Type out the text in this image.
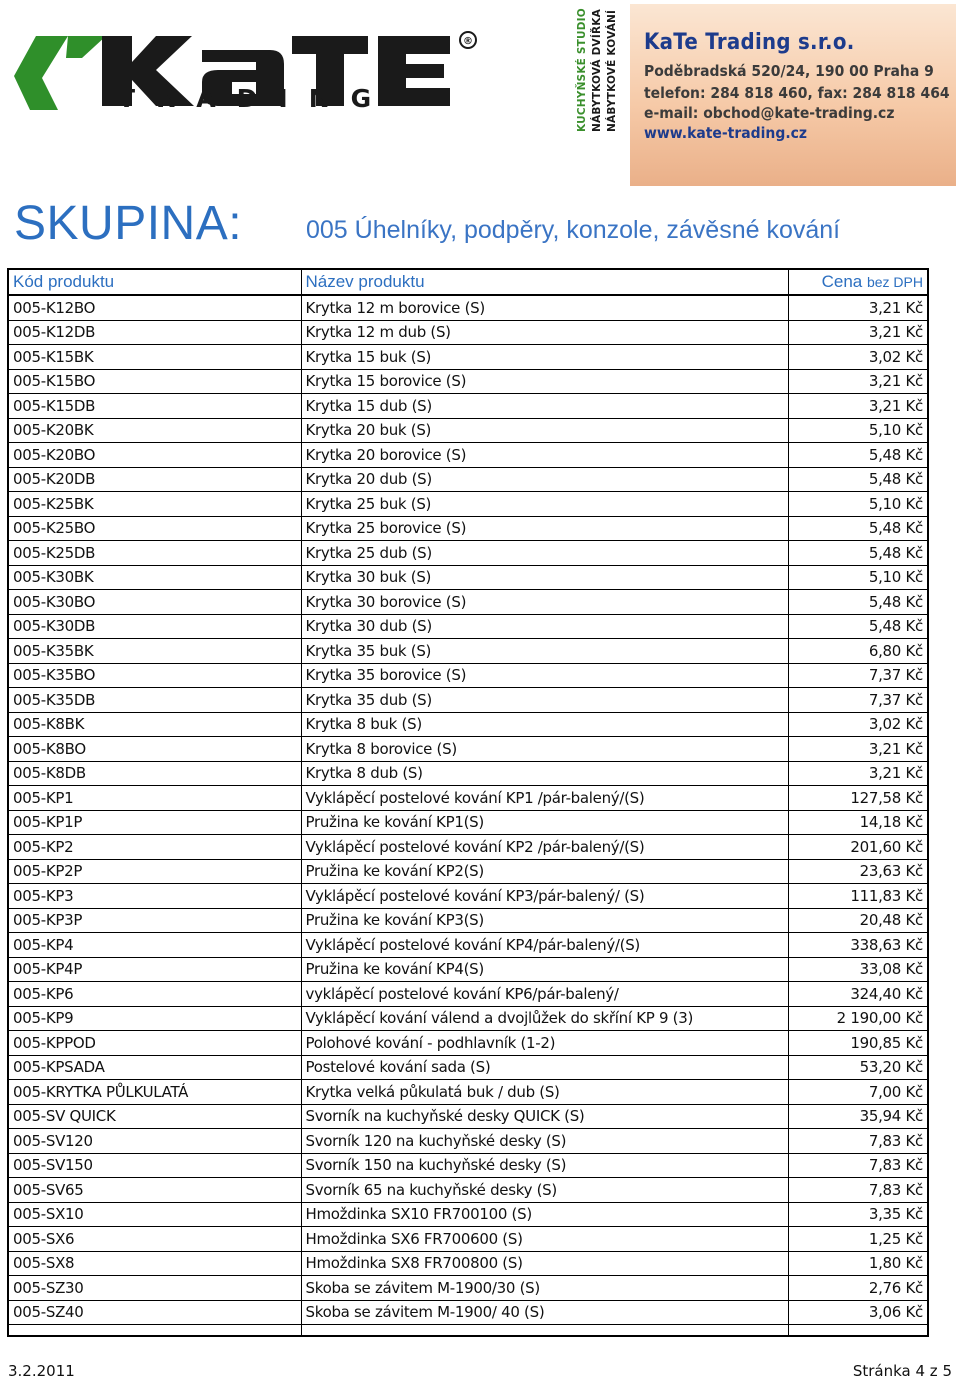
®
TRADING	KUCHYŇSKÉ STUDIO NÁBYTKOVÁ DVÍŘKA NÁBYTKOVÉ KOVÁNÍ KaTe Trading s.r.o.
Poděbradská 520/24, 190 00 Praha 9
telefon: 284 818 460, fax: 284 818 464
e-mail: obchod@kate-trading.cz
www.kate-trading.cz
SKUPINA:	005 Úhelníky, podpěry, konzole, závěsné kování
Kód produktu	Název produktu	Cena bez DPH
005-K12BO	Krytka 12 m borovice (S)	3,21 Kč
005-K12DB	Krytka 12 m dub (S)	3,21 Kč
005-K15BK	Krytka 15 buk (S)	3,02 Kč
005-K15BO	Krytka 15 borovice (S)	3,21 Kč
005-K15DB	Krytka 15 dub (S)	3,21 Kč
005-K20BK	Krytka 20 buk (S)	5,10 Kč
005-K20BO	Krytka 20 borovice (S)	5,48 Kč
005-K20DB	Krytka 20 dub (S)	5,48 Kč
005-K25BK	Krytka 25 buk (S)	5,10 Kč
005-K25BO	Krytka 25 borovice (S)	5,48 Kč
005-K25DB	Krytka 25 dub (S)	5,48 Kč
005-K30BK	Krytka 30 buk (S)	5,10 Kč
005-K30BO	Krytka 30 borovice (S)	5,48 Kč
005-K30DB	Krytka 30 dub (S)	5,48 Kč
005-K35BK	Krytka 35 buk (S)	6,80 Kč
005-K35BO	Krytka 35 borovice (S)	7,37 Kč
005-K35DB	Krytka 35 dub (S)	7,37 Kč
005-K8BK	Krytka 8 buk (S)	3,02 Kč
005-K8BO	Krytka 8 borovice (S)	3,21 Kč
005-K8DB	Krytka 8 dub (S)	3,21 Kč
005-KP1	Vyklápěcí postelové kování KP1 /pár-balený/(S)	127,58 Kč
005-KP1P	Pružina ke kování KP1(S)	14,18 Kč
005-KP2	Vyklápěcí postelové kování KP2 /pár-balený/(S)	201,60 Kč
005-KP2P	Pružina ke kování KP2(S)	23,63 Kč
005-KP3	Vyklápěcí postelové kování KP3/pár-balený/ (S)	111,83 Kč
005-KP3P	Pružina ke kování KP3(S)	20,48 Kč
005-KP4	Vyklápěcí postelové kování KP4/pár-balený/(S)	338,63 Kč
005-KP4P	Pružina ke kování KP4(S)	33,08 Kč
005-KP6	vyklápěcí postelové kování KP6/pár-balený/	324,40 Kč
005-KP9	Vyklápěcí kování válend a dvojlůžek do skříní KP 9 (3)	2 190,00 Kč
005-KPPOD	Polohové kování - podhlavník (1-2)	190,85 Kč
005-KPSADA	Postelové kování sada (S)	53,20 Kč
005-KRYTKA PŮLKULATÁ	Krytka velká půkulatá buk / dub (S)	7,00 Kč
005-SV QUICK	Svorník na kuchyňské desky QUICK (S)	35,94 Kč
005-SV120	Svorník 120 na kuchyňské desky (S)	7,83 Kč
005-SV150	Svorník 150 na kuchyňské desky (S)	7,83 Kč
005-SV65	Svorník 65 na kuchyňské desky (S)	7,83 Kč
005-SX10	Hmoždinka SX10 FR700100 (S)	3,35 Kč
005-SX6	Hmoždinka SX6 FR700600 (S)	1,25 Kč
005-SX8	Hmoždinka SX8 FR700800 (S)	1,80 Kč
005-SZ30	Skoba se závitem M-1900/30 (S)	2,76 Kč
005-SZ40	Skoba se závitem M-1900/ 40 (S)	3,06 Kč

3.2.2011	Stránka 4 z 5
